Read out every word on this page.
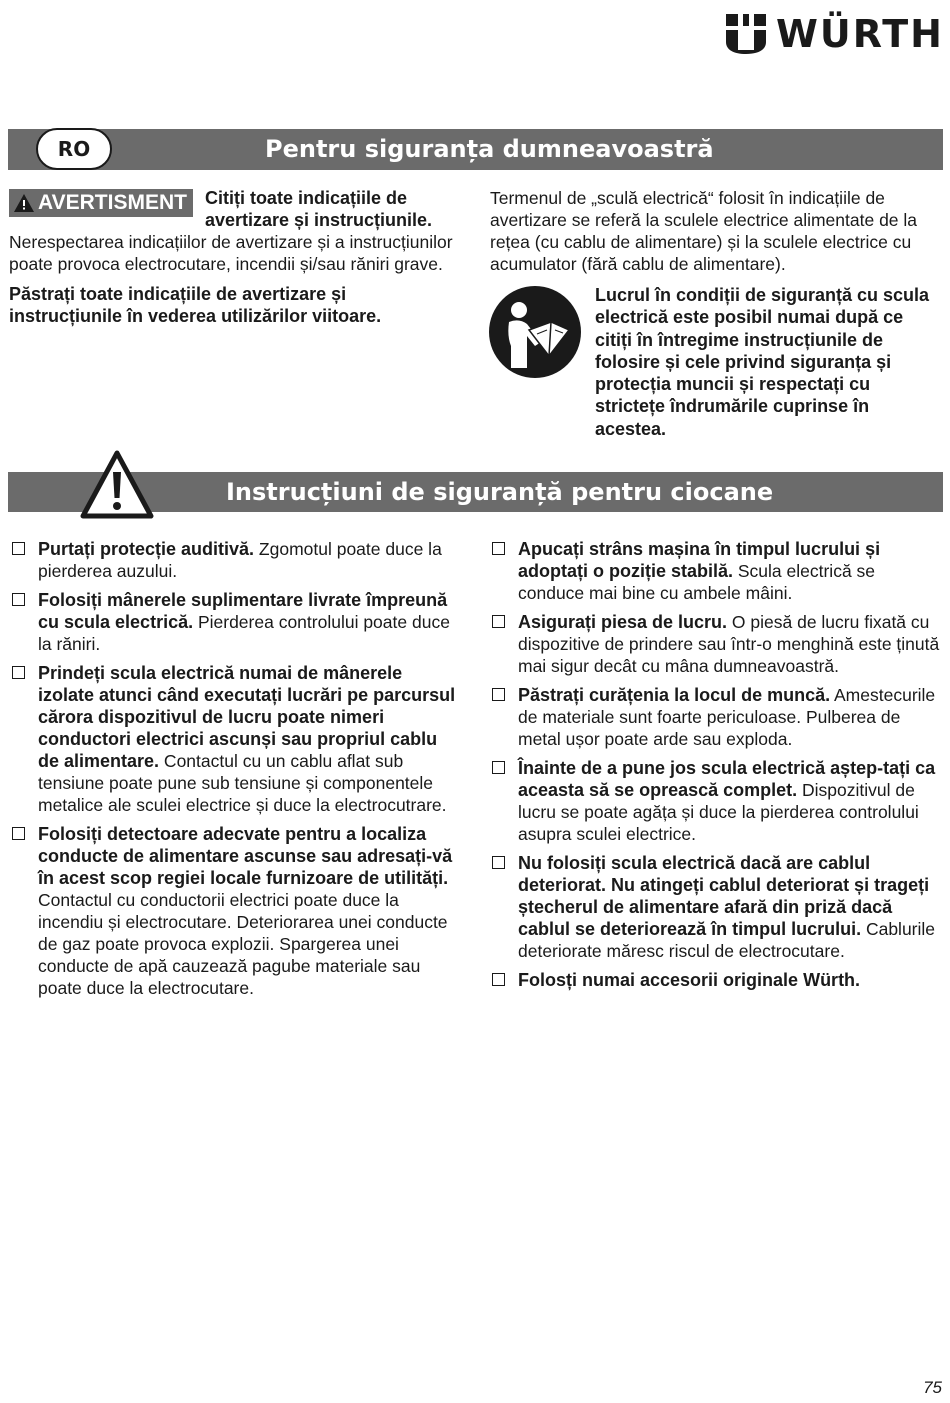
WÜRTH
RO	Pentru siguranța dumneavoastră
AVERTISMENT	Citiți toate indicațiile de avertizare și instrucțiunile. Nerespectarea indicațiilor de avertizare și a instrucțiunilor poate provoca electrocutare, incendii și/sau răniri grave.

Păstrați toate indicațiile de avertizare și instrucțiunile în vederea utilizărilor viitoare.

Termenul de „sculă electrică“ folosit în indicațiile de avertizare se referă la sculele electrice alimentate de la rețea (cu cablu de alimentare) și la sculele electrice cu acumulator (fără cablu de alimentare).

Lucrul în condiții de siguranță cu scula electrică este posibil numai după ce citiți în întregime instrucțiunile de folosire și cele privind siguranța și protecția muncii și respectați cu strictețe îndrumările cuprinse în acestea.

Instrucțiuni de siguranță pentru ciocane
Purtați protecție auditivă. Zgomotul poate duce la pierderea auzului.
Folosiți mânerele suplimentare livrate împreună cu scula electrică. Pierderea controlului poate duce la răniri.
Prindeți scula electrică numai de mânerele izolate atunci când executați lucrări pe parcursul cărora dispozitivul de lucru poate nimeri conductori electrici ascunși sau propriul cablu de alimentare. Contactul cu un cablu aflat sub tensiune poate pune sub tensiune și componentele metalice ale sculei electrice și duce la electrocutrare.
Folosiți detectoare adecvate pentru a localiza conducte de alimentare ascunse sau adresați-vă în acest scop regiei locale furnizoare de utilități. Contactul cu conductorii electrici poate duce la incendiu și electrocutare. Deteriorarea unei conducte de gaz poate provoca explozii. Spargerea unei conducte de apă cauzează pagube materiale sau poate duce la electrocutare.
Apucați strâns mașina în timpul lucrului și adoptați o poziție stabilă. Scula electrică se conduce mai bine cu ambele mâini.
Asigurați piesa de lucru. O piesă de lucru fixată cu dispozitive de prindere sau într-o menghină este ținută mai sigur decât cu mâna dumneavoastră.
Păstrați curățenia la locul de muncă. Amestecurile de materiale sunt foarte periculoase. Pulberea de metal ușor poate arde sau exploda.
Înainte de a pune jos scula electrică aștep-tați ca aceasta să se oprească complet. Dispozitivul de lucru se poate agăța și duce la pierderea controlului asupra sculei electrice.
Nu folosiți scula electrică dacă are cablul deteriorat. Nu atingeți cablul deteriorat și trageți ștecherul de alimentare afară din priză dacă cablul se deteriorează în timpul lucrului. Cablurile deteriorate măresc riscul de electrocutare.
Folosți numai accesorii originale Würth.
75
